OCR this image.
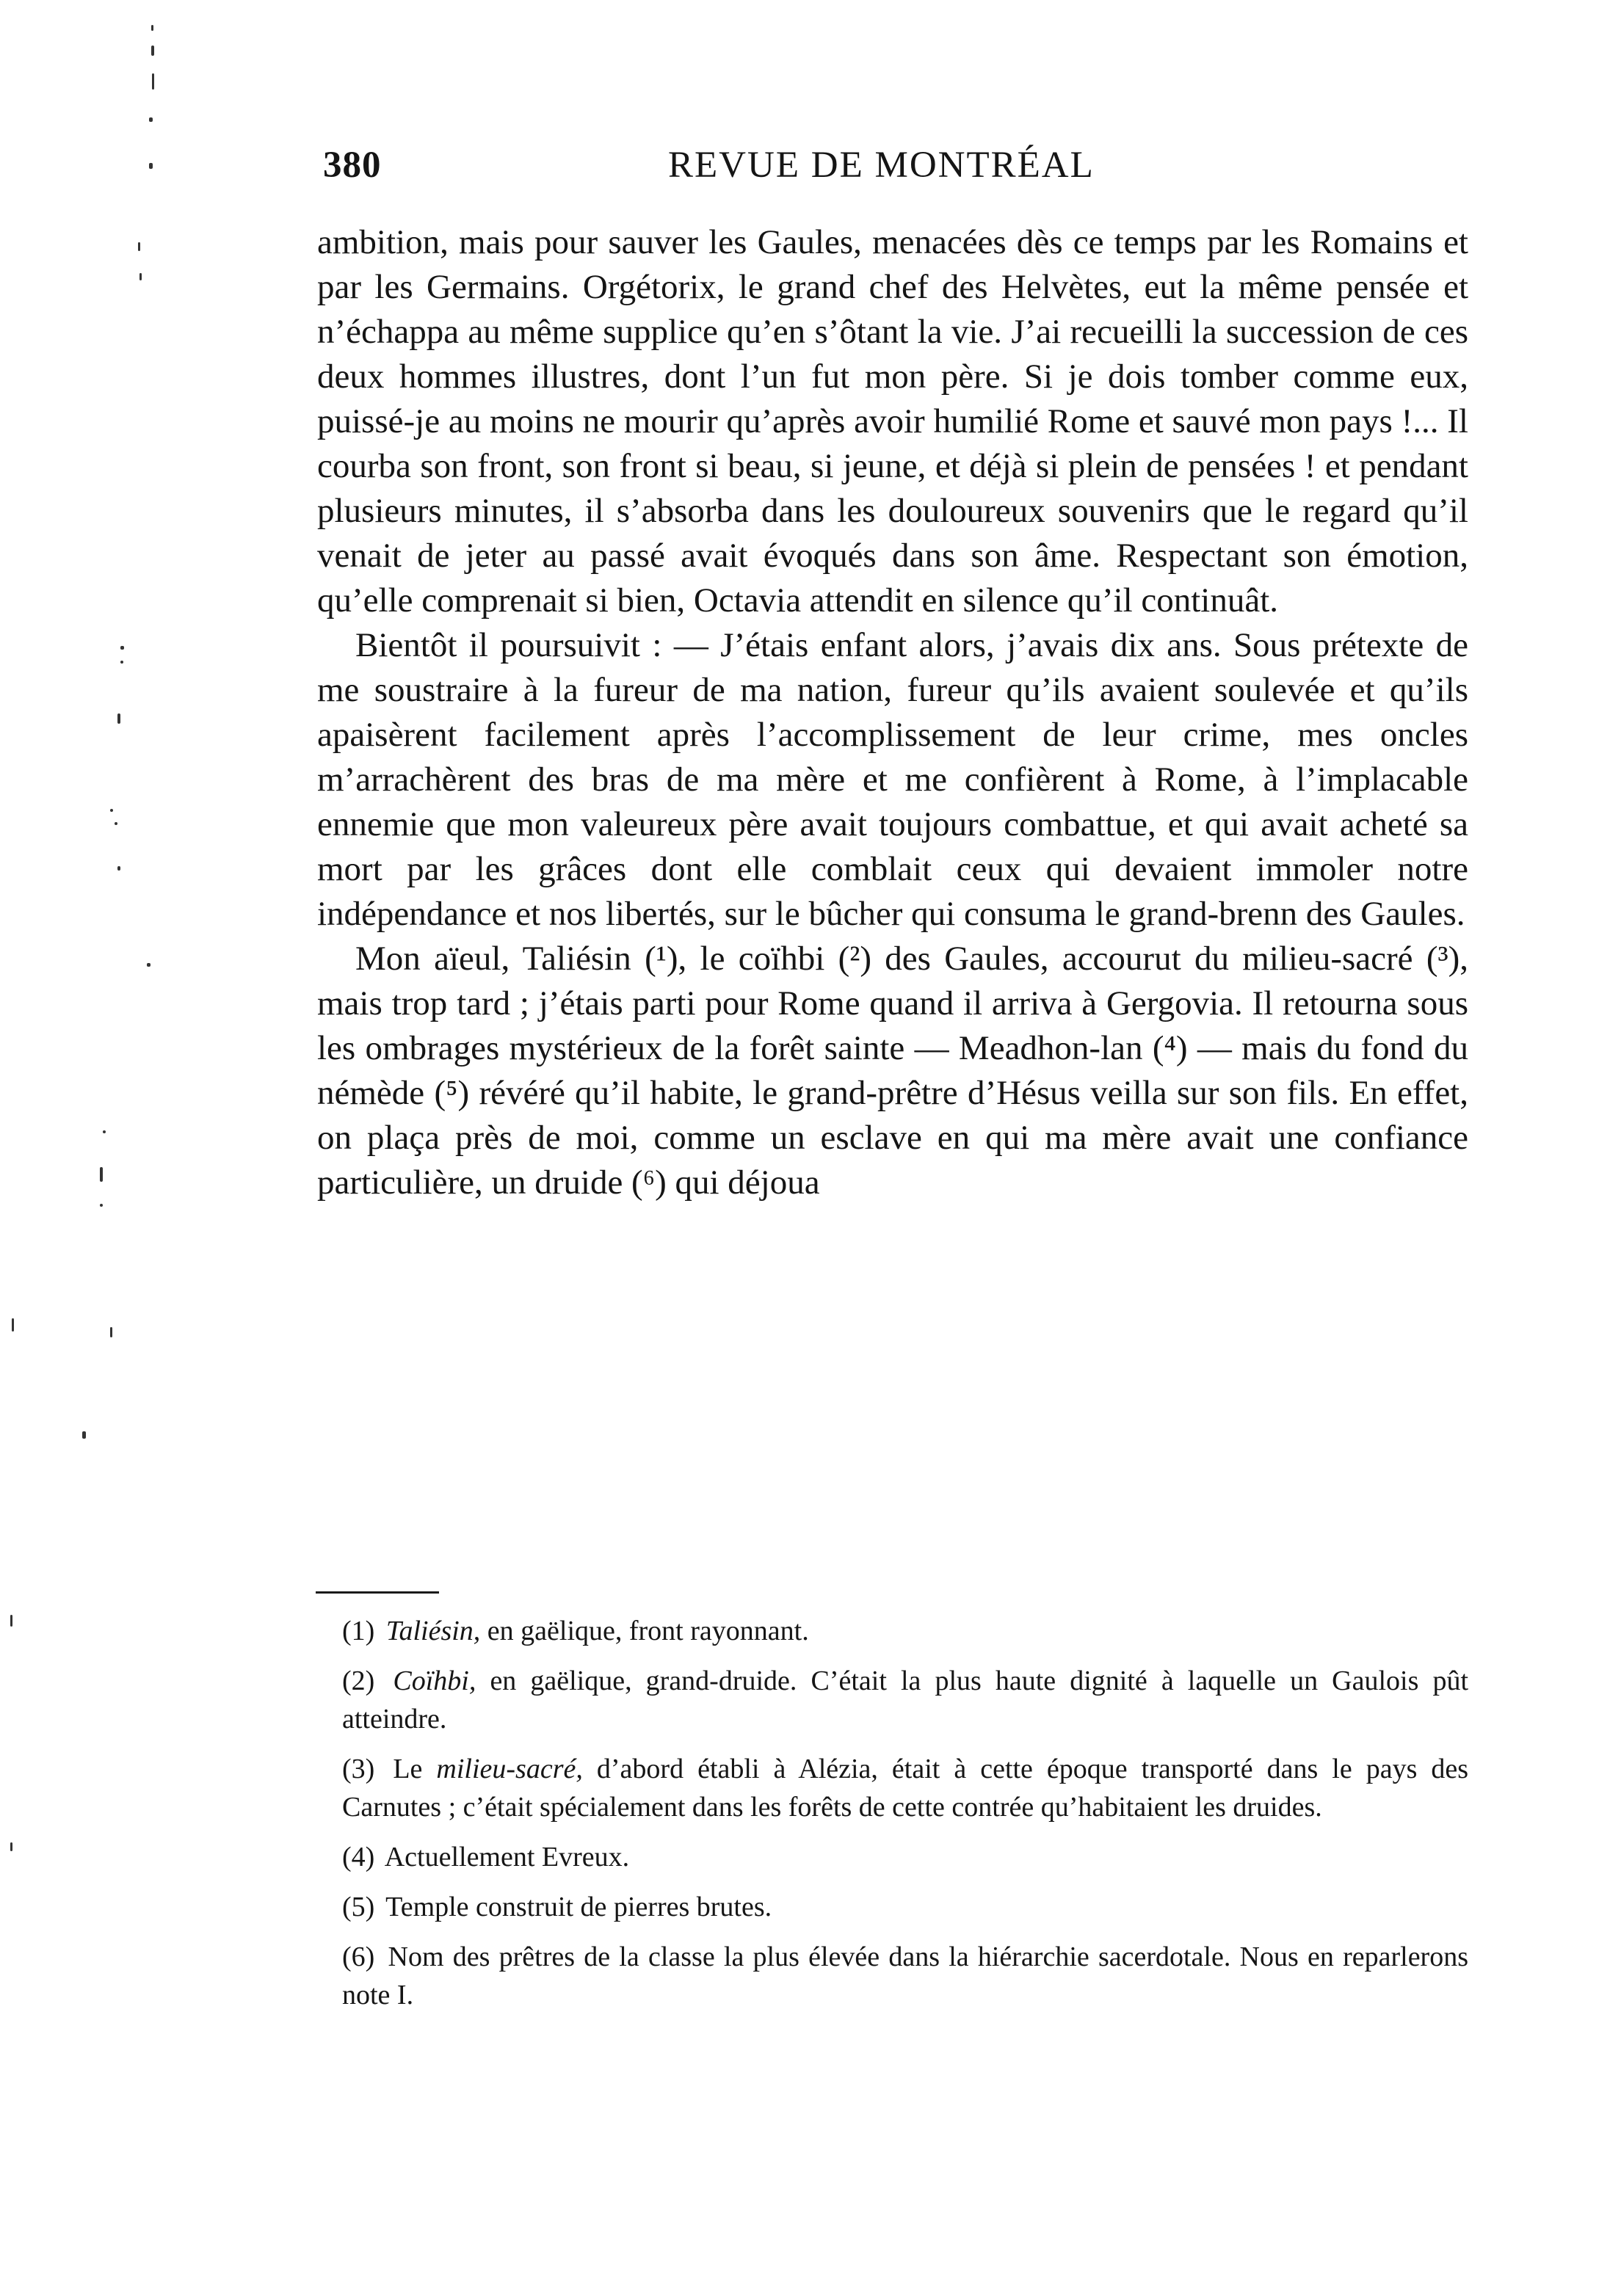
380	REVUE DE MONTRÉAL

ambition, mais pour sauver les Gaules, menacées dès ce temps par les Romains et par les Germains. Orgétorix, le grand chef des Helvètes, eut la même pensée et n’échappa au même supplice qu’en s’ôtant la vie. J’ai recueilli la succession de ces deux hommes illustres, dont l’un fut mon père. Si je dois tomber comme eux, puissé-je au moins ne mourir qu’après avoir humilié Rome et sauvé mon pays !... Il courba son front, son front si beau, si jeune, et déjà si plein de pensées ! et pendant plusieurs minutes, il s’absorba dans les douloureux souvenirs que le regard qu’il venait de jeter au passé avait évoqués dans son âme. Respectant son émotion, qu’elle comprenait si bien, Octavia attendit en silence qu’il continuât.

Bientôt il poursuivit : — J’étais enfant alors, j’avais dix ans. Sous prétexte de me soustraire à la fureur de ma nation, fureur qu’ils avaient soulevée et qu’ils apaisèrent facilement après l’accomplissement de leur crime, mes oncles m’arrachèrent des bras de ma mère et me confièrent à Rome, à l’implacable ennemie que mon valeureux père avait toujours combattue, et qui avait acheté sa mort par les grâces dont elle comblait ceux qui devaient immoler notre indépendance et nos libertés, sur le bûcher qui consuma le grand-brenn des Gaules.

Mon aïeul, Taliésin (¹), le coïhbi (²) des Gaules, accourut du milieu-sacré (³), mais trop tard ; j’étais parti pour Rome quand il arriva à Gergovia. Il retourna sous les ombrages mystérieux de la forêt sainte — Meadhon-lan (⁴) — mais du fond du némède (⁵) révéré qu’il habite, le grand-prêtre d’Hésus veilla sur son fils. En effet, on plaça près de moi, comme un esclave en qui ma mère avait une confiance particulière, un druide (⁶) qui déjoua

(1) Taliésin, en gaëlique, front rayonnant.

(2) Coïhbi, en gaëlique, grand-druide. C’était la plus haute dignité à laquelle un Gaulois pût atteindre.

(3) Le milieu-sacré, d’abord établi à Alézia, était à cette époque transporté dans le pays des Carnutes ; c’était spécialement dans les forêts de cette contrée qu’habitaient les druides.

(4) Actuellement Evreux.

(5) Temple construit de pierres brutes.

(6) Nom des prêtres de la classe la plus élevée dans la hiérarchie sacerdotale. Nous en reparlerons note I.
